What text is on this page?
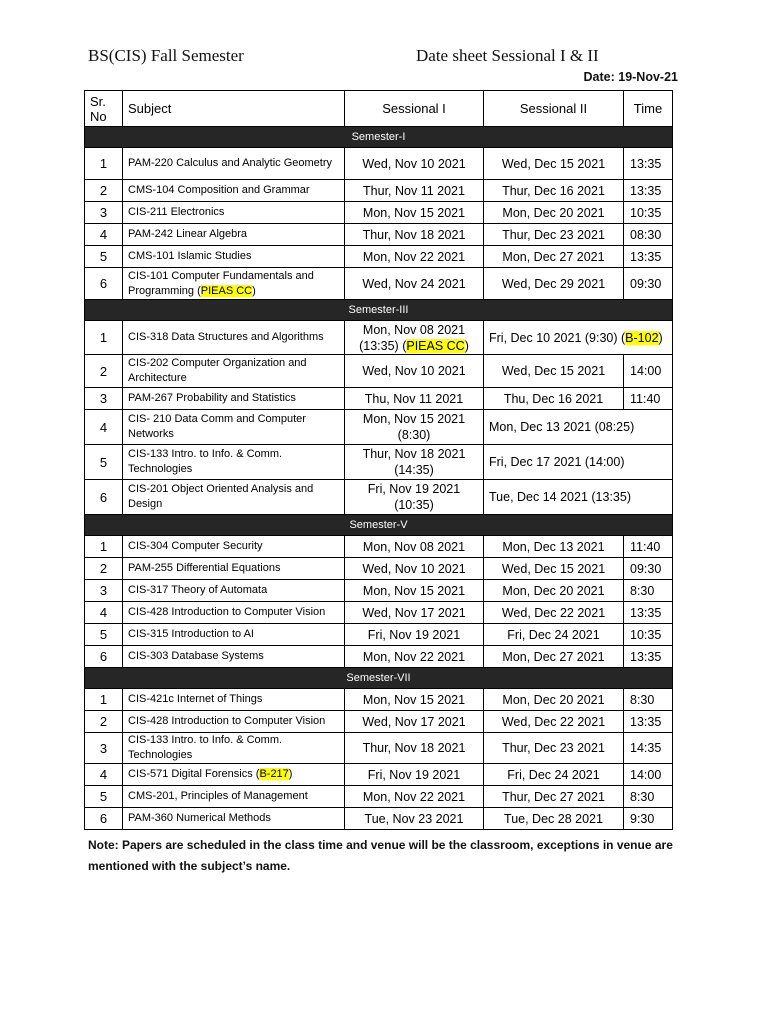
BS(CIS) Fall Semester	Date sheet Sessional I & II
Date: 19-Nov-21
Sr.
No	Subject	Sessional I	Sessional II	Time
Semester-I				
1	PAM-220 Calculus and Analytic Geometry	Wed, Nov 10 2021	Wed, Dec 15 2021	13:35
2	CMS-104 Composition and Grammar	Thur, Nov 11 2021	Thur, Dec 16 2021	13:35
3	CIS-211 Electronics	Mon, Nov 15 2021	Mon, Dec 20 2021	10:35
4	PAM-242 Linear Algebra	Thur, Nov 18 2021	Thur, Dec 23 2021	08:30
5	CMS-101 Islamic Studies	Mon, Nov 22 2021	Mon, Dec 27 2021	13:35
6	CIS-101 Computer Fundamentals and Programming (PIEAS CC)	Wed, Nov 24 2021	Wed, Dec 29 2021	09:30
Semester-III				
1	CIS-318 Data Structures and Algorithms	Mon, Nov 08 2021 (13:35) (PIEAS CC)	Fri, Dec 10 2021 (9:30) (B-102)	
2	CIS-202 Computer Organization and Architecture	Wed, Nov 10 2021	Wed, Dec 15 2021	14:00
3	PAM-267 Probability and Statistics	Thu, Nov 11 2021	Thu, Dec 16 2021	11:40
4	CIS- 210 Data Comm and Computer Networks	Mon, Nov 15 2021 (8:30)	Mon, Dec 13 2021 (08:25)	
5	CIS-133 Intro. to Info. & Comm. Technologies	Thur, Nov 18 2021 (14:35)	Fri, Dec 17 2021 (14:00)	
6	CIS-201 Object Oriented Analysis and Design	Fri, Nov 19 2021 (10:35)	Tue, Dec 14 2021 (13:35)	
Semester-V				
1	CIS-304 Computer Security	Mon, Nov 08 2021	Mon, Dec 13 2021	11:40
2	PAM-255 Differential Equations	Wed, Nov 10 2021	Wed, Dec 15 2021	09:30
3	CIS-317 Theory of Automata	Mon, Nov 15 2021	Mon, Dec 20 2021	8:30
4	CIS-428 Introduction to Computer Vision	Wed, Nov 17 2021	Wed, Dec 22 2021	13:35
5	CIS-315 Introduction to AI	Fri, Nov 19 2021	Fri, Dec 24 2021	10:35
6	CIS-303 Database Systems	Mon, Nov 22 2021	Mon, Dec 27 2021	13:35
Semester-VII				
1	CIS-421c Internet of Things	Mon, Nov 15 2021	Mon, Dec 20 2021	8:30
2	CIS-428 Introduction to Computer Vision	Wed, Nov 17 2021	Wed, Dec 22 2021	13:35
3	CIS-133 Intro. to Info. & Comm. Technologies	Thur, Nov 18 2021	Thur, Dec 23 2021	14:35
4	CIS-571 Digital Forensics (B-217)	Fri, Nov 19 2021	Fri, Dec 24 2021	14:00
5	CMS-201, Principles of Management	Mon, Nov 22 2021	Thur, Dec 27 2021	8:30
6	PAM-360 Numerical Methods	Tue, Nov 23 2021	Tue, Dec 28 2021	9:30
Note: Papers are scheduled in the class time and venue will be the classroom, exceptions in venue are mentioned with the subject’s name.
